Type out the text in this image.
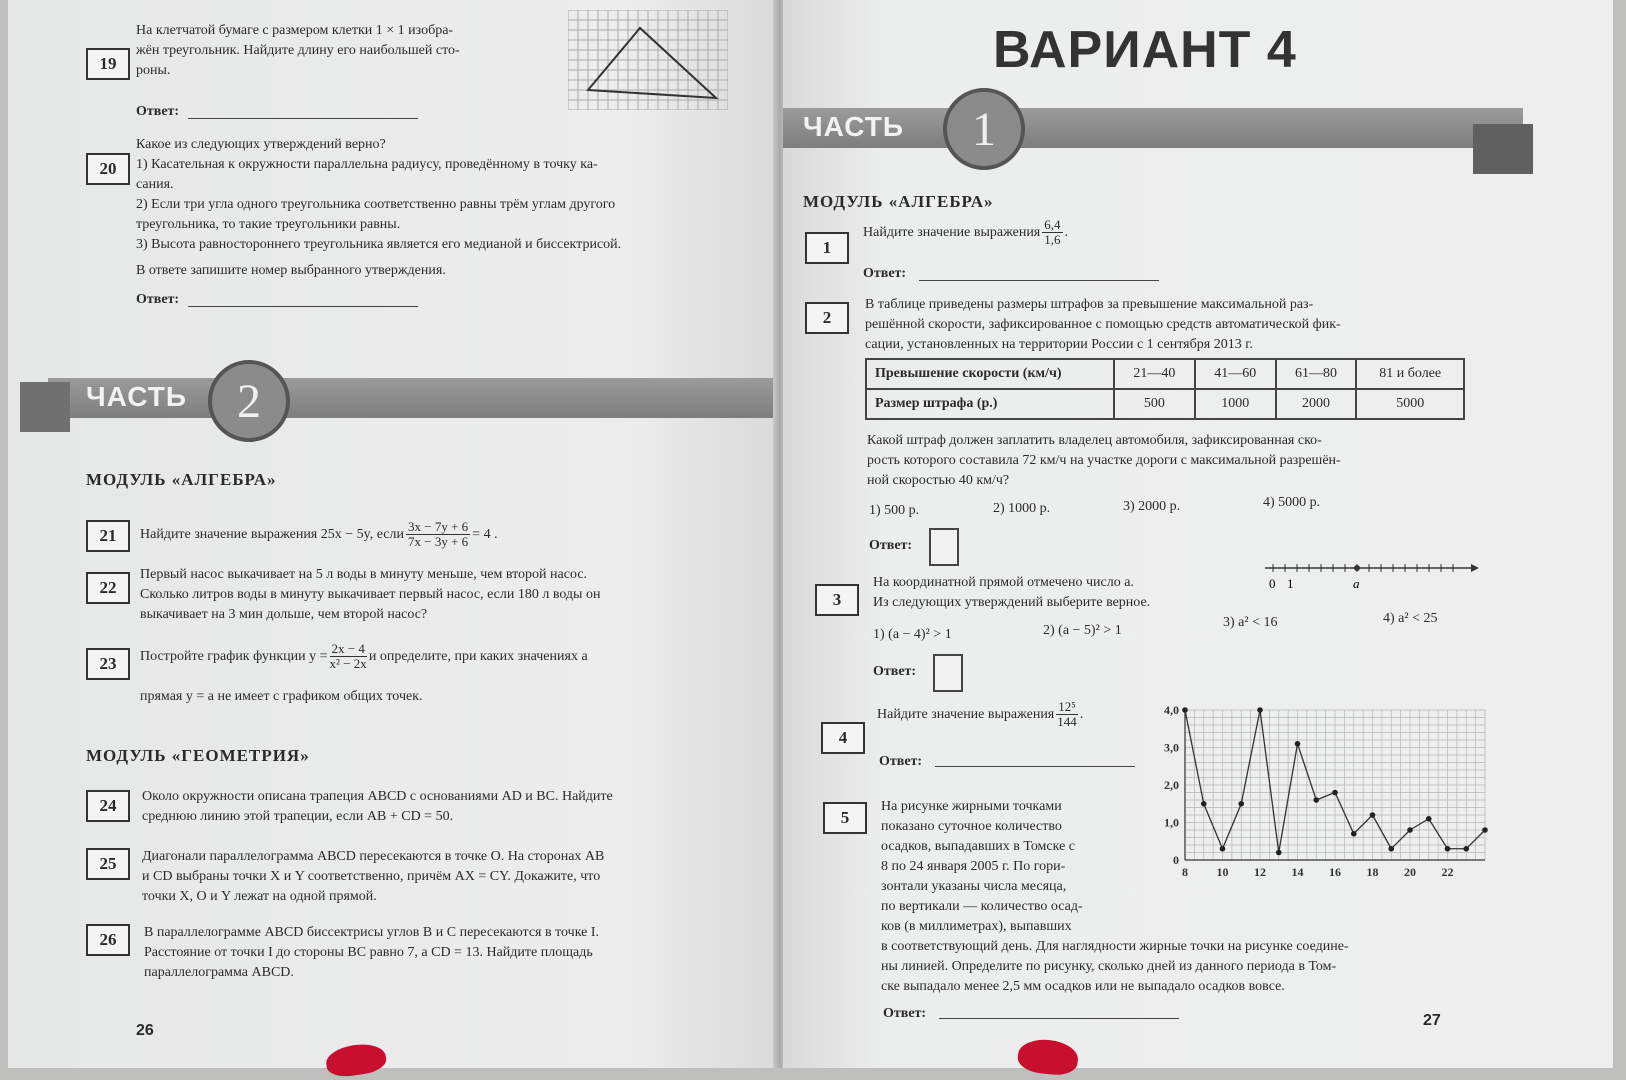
19
На клетчатой бумаге с размером клетки 1 × 1 изобра-
жён треугольник. Найдите длину его наибольшей сто-
роны.
Ответ:
20
Какое из следующих утверждений верно?
1) Касательная к окружности параллельна радиусу, проведённому в точку ка-
сания.
2) Если три угла одного треугольника соответственно равны трём углам другого
треугольника, то такие треугольники равны.
3) Высота равностороннего треугольника является его медианой и биссектрисой.
В ответе запишите номер выбранного утверждения.
Ответ:
ЧАСТЬ	2
МОДУЛЬ «АЛГЕБРА»
21	Найдите значение выражения 25x − 5y, если $\frac{3x - 7y + 6}{7x - 3y + 6} = 4$ .
22
Первый насос выкачивает на 5 л воды в минуту меньше, чем второй насос.
Сколько литров воды в минуту выкачивает первый насос, если 180 л воды он
выкачивает на 3 мин дольше, чем второй насос?
23	Постройте график функции $y = \frac{2x - 4}{\text{x² − 2x}}$ и определите, при каких значениях a
прямая y = a не имеет с графиком общих точек.
МОДУЛЬ «ГЕОМЕТРИЯ»
24	Около окружности описана трапеция ABCD с основаниями AD и BC. Найдите
среднюю линию этой трапеции, если AB + CD = 50.
25	Диагонали параллелограмма ABCD пересекаются в точке O. На сторонах AB
и CD выбраны точки X и Y соответственно, причём AX = CY. Докажите, что
точки X, O и Y лежат на одной прямой.
26	В параллелограмме ABCD биссектрисы углов B и C пересекаются в точке I.
Расстояние от точки I до стороны BC равно 7, а CD = 13. Найдите площадь
параллелограмма ABCD.
26
ВАРИАНТ 4
ЧАСТЬ	1
МОДУЛЬ «АЛГЕБРА»
1
Найдите значение выражения $\frac{6,4}{1,6}$ .
Ответ:
2
В таблице приведены размеры штрафов за превышение максимальной раз-
решённой скорости, зафиксированное с помощью средств автоматической фик-
сации, установленных на территории России с 1 сентября 2013 г.
Превышение скорости (км/ч)	21—40	41—60	61—80	81 и более
Размер штрафа (р.)	500	1000	2000	5000
Какой штраф должен заплатить владелец автомобиля, зафиксированная ско-
рость которого составила 72 км/ч на участке дороги с максимальной разрешён-
ной скоростью 40 км/ч?
1) 500 р.	2) 1000 р.	3) 2000 р.	4) 5000 р.
Ответ:
3
На координатной прямой отмечено число a.
Из следующих утверждений выберите верное.
0 1	a
1) (a − 4)² > 1	2) (a − 5)² > 1
3) a² < 16	4) a² < 25
Ответ:
4
Найдите значение выражения $\frac{\text{12⁵}}{144}$ .
Ответ:
5
На рисунке жирными точками
показано суточное количество
осадков, выпадавших в Томске с
8 по 24 января 2005 г. По гори-
зонтали указаны числа месяца,
по вертикали — количество осад-
ков (в миллиметрах), выпавших
в соответствующий день. Для наглядности жирные точки на рисунке соедине-
ны линией. Определите по рисунку, сколько дней из данного периода в Том-
ске выпадало менее 2,5 мм осадков или не выпадало осадков вовсе.
Ответ:
0
1,0
2,0
3,0
4,0
8 10 12 14 16 18 20 22
27
